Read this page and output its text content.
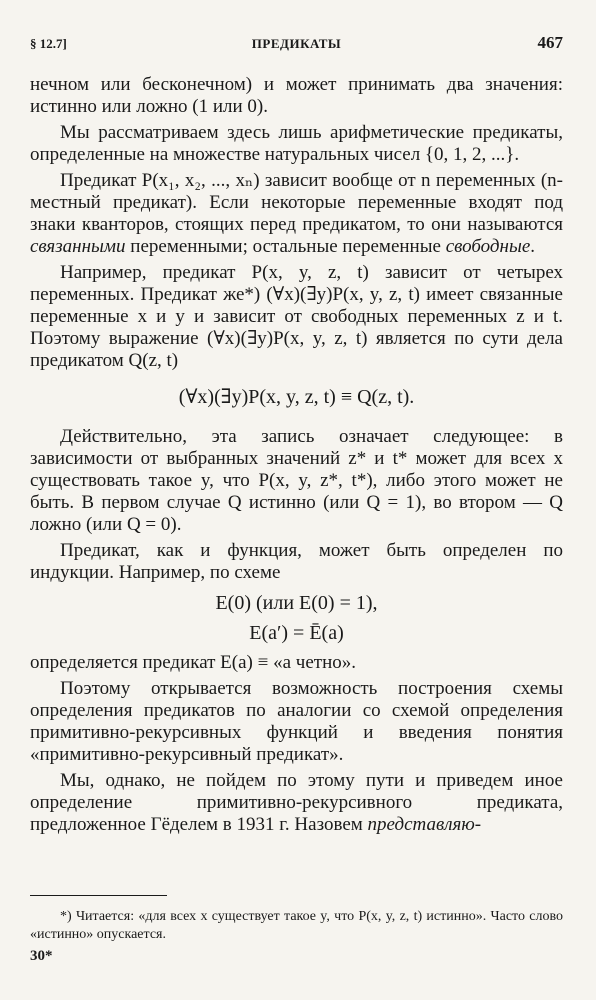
§ 12.7]	ПРЕДИКАТЫ	467

нечном или бесконечном) и может принимать два значения: истинно или ложно (1 или 0).

Мы рассматриваем здесь лишь арифметические предикаты, определенные на множестве натуральных чисел {0, 1, 2, ...}.

Предикат P(x₁, x₂, ..., xₙ) зависит вообще от n переменных (n-местный предикат). Если некоторые переменные входят под знаки кванторов, стоящих перед предикатом, то они называются связанными переменными; остальные переменные свободные.

Например, предикат P(x, y, z, t) зависит от четырех переменных. Предикат же*) (∀x)(∃y)P(x, y, z, t) имеет связанные переменные x и y и зависит от свободных переменных z и t. Поэтому выражение (∀x)(∃y)P(x, y, z, t) является по сути дела предикатом Q(z, t)

(∀x)(∃y)P(x, y, z, t) ≡ Q(z, t).

Действительно, эта запись означает следующее: в зависимости от выбранных значений z* и t* может для всех x существовать такое y, что P(x, y, z*, t*), либо этого может не быть. В первом случае Q истинно (или Q = 1), во втором — Q ложно (или Q = 0).

Предикат, как и функция, может быть определен по индукции. Например, по схеме

E(0) (или E(0) = 1),
E(a′) = Ē(a)

определяется предикат E(a) ≡ «a четно».

Поэтому открывается возможность построения схемы определения предикатов по аналогии со схемой определения примитивно-рекурсивных функций и введения понятия «примитивно-рекурсивный предикат».

Мы, однако, не пойдем по этому пути и приведем иное определение примитивно-рекурсивного предиката, предложенное Гёделем в 1931 г. Назовем представляю-

*) Читается: «для всех x существует такое y, что P(x, y, z, t) истинно». Часто слово «истинно» опускается.

30*
